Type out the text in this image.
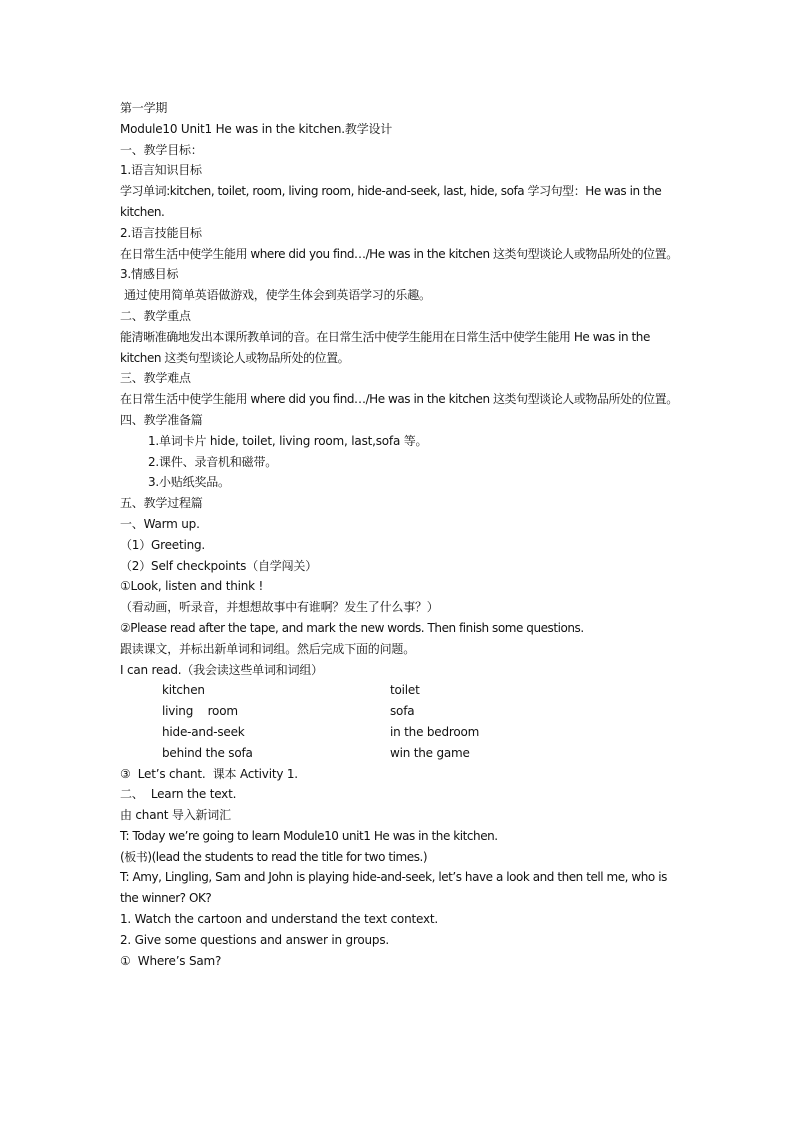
第一学期
Module10 Unit1 He was in the kitchen.教学设计
一、教学目标：
1.语言知识目标
学习单词:kitchen, toilet, room, living room, hide-and-seek, last, hide, sofa 学习句型：He was in the kitchen.
2.语言技能目标
在日常生活中使学生能用 where did you find…/He was in the kitchen 这类句型谈论人或物品所处的位置。
3.情感目标
通过使用简单英语做游戏，使学生体会到英语学习的乐趣。
二、教学重点
能清晰准确地发出本课所教单词的音。在日常生活中使学生能用在日常生活中使学生能用 He was in the kitchen 这类句型谈论人或物品所处的位置。
三、教学难点
在日常生活中使学生能用 where did you find…/He was in the kitchen 这类句型谈论人或物品所处的位置。
四、教学准备篇
1.单词卡片 hide, toilet, living room, last,sofa 等。
2.课件、录音机和磁带。
3.小贴纸奖品。
五、教学过程篇
一、Warm up.
（1）Greeting.
（2）Self checkpoints（自学闯关）
①Look, listen and think !
（看动画，听录音，并想想故事中有谁啊？发生了什么事？）
②Please read after the tape, and mark the new words. Then finish some questions.
跟读课文，并标出新单词和词组。然后完成下面的问题。
I can read.（我会读这些单词和词组）
kitchen	toilet
living    room	sofa
hide-and-seek	in the bedroom
behind the sofa	win the game
③  Let’s chant.  课本 Activity 1.
二、  Learn the text.
由 chant 导入新词汇
T: Today we’re going to learn Module10 unit1 He was in the kitchen.
(板书)(lead the students to read the title for two times.)
T: Amy, Lingling, Sam and John is playing hide-and-seek, let’s have a look and then tell me, who is the winner? OK?
1. Watch the cartoon and understand the text context.
2. Give some questions and answer in groups.
①  Where’s Sam?
